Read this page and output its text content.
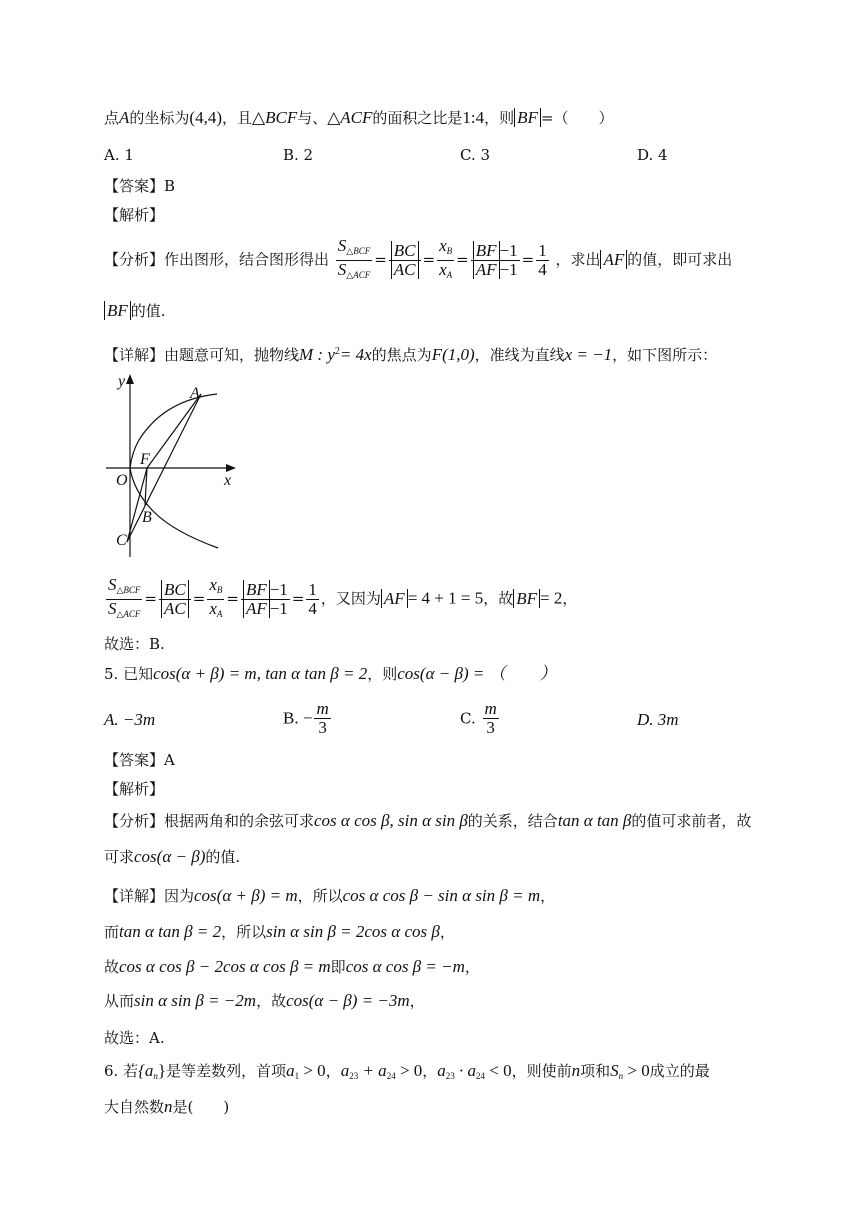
点A的坐标为(4,4)，且△BCF与、△ACF的面积之比是1:4，则 BF =（　　）
A. 1	B. 2	C. 3	D. 4
【答案】B
【解析】
【分析】作出图形，结合图形得出 $\frac{S_{\triangle BCF}}{S_{\triangle ACF}} = \frac{BC}{AC} = \frac{x_B}{x_A} = \frac{BF -1}{AF -1} = \frac{1}{4}$ ，求出 AF 的值，即可求出
BF 的值.
【详解】由题意可知，抛物线M : $y^2= 4x$的焦点为F(1,0)，准线为直线x = −1，如下图所示：
y
A
F
O	x
B
C
$\frac{S_{\triangle BCF}}{S_{\triangle ACF}} = \frac{BC}{AC} = \frac{x_B}{x_A} = \frac{BF -1}{AF -1} = \frac{1}{4}$ ，又因为 AF = 4 + 1 = 5，故 BF = 2，
故选：B.
5. 已知cos(α + β) = m, tan α tan β = 2，则cos(α − β) = （　　）
A. −3m	B. − $\frac{m}{3}$	C. $\frac{m}{3}$	D. 3m
【答案】A
【解析】
【分析】根据两角和的余弦可求cos α cos β, sin α sin β的关系，结合tan α tan β的值可求前者，故
可求cos(α − β)的值.
【详解】因为cos(α + β) = m，所以cos α cos β − sin α sin β = m，
而tan α tan β = 2，所以sin α sin β = 2cos α cos β，
故cos α cos β − 2cos α cos β = m即cos α cos β = −m，
从而sin α sin β = −2m，故cos(α − β) = −3m，
故选：A.
6. 若$\{a_n\}$是等差数列，首项$a_1 > 0$，$a_{23} + a_{24} > 0$，$a_{23} \cdot a_{24} < 0$，则使前n项和$S_n > 0$成立的最
大自然数n是(　　)
